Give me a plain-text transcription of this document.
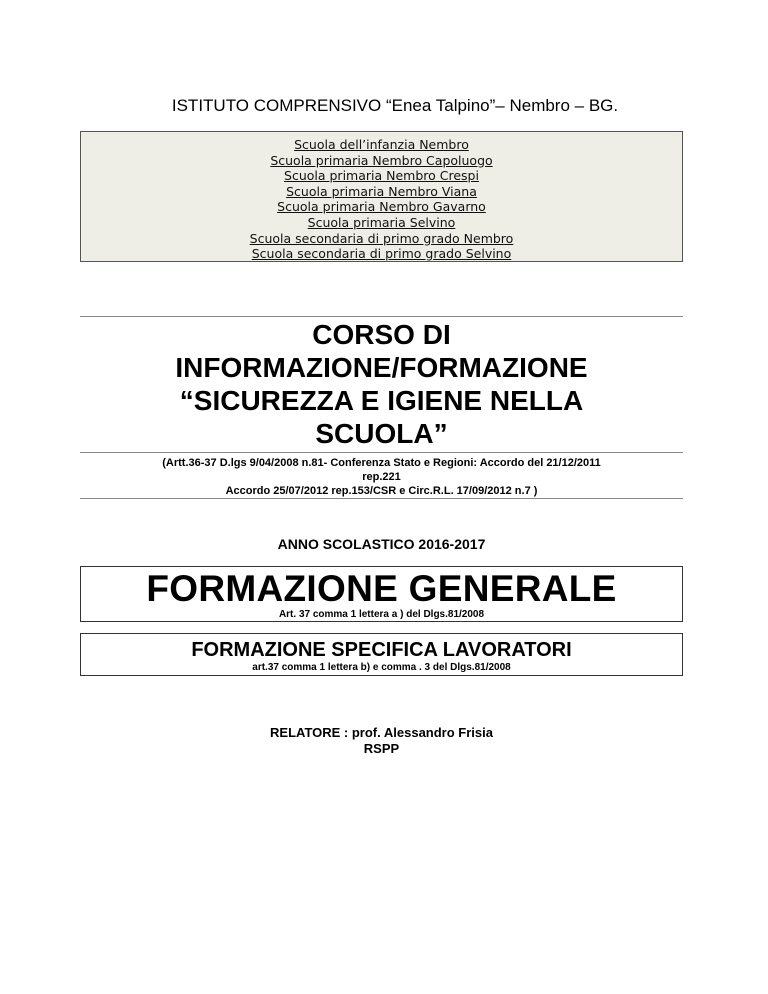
ISTITUTO COMPRENSIVO “Enea Talpino”– Nembro – BG.
Scuola dell’infanzia Nembro
Scuola primaria Nembro Capoluogo
Scuola primaria Nembro Crespi
Scuola primaria Nembro Viana
Scuola primaria Nembro Gavarno
Scuola primaria Selvino
Scuola secondaria di primo grado Nembro
Scuola secondaria di primo grado Selvino
CORSO DI
INFORMAZIONE/FORMAZIONE
“SICUREZZA E IGIENE NELLA
SCUOLA”
(Artt.36-37 D.lgs 9/04/2008 n.81- Conferenza Stato e Regioni: Accordo del 21/12/2011
rep.221
Accordo 25/07/2012 rep.153/CSR e Circ.R.L. 17/09/2012 n.7 )
ANNO SCOLASTICO 2016-2017
FORMAZIONE GENERALE
Art. 37 comma 1 lettera a ) del Dlgs.81/2008
FORMAZIONE SPECIFICA LAVORATORI
art.37 comma 1 lettera b) e comma . 3 del Dlgs.81/2008
RELATORE : prof. Alessandro Frisia
RSPP
